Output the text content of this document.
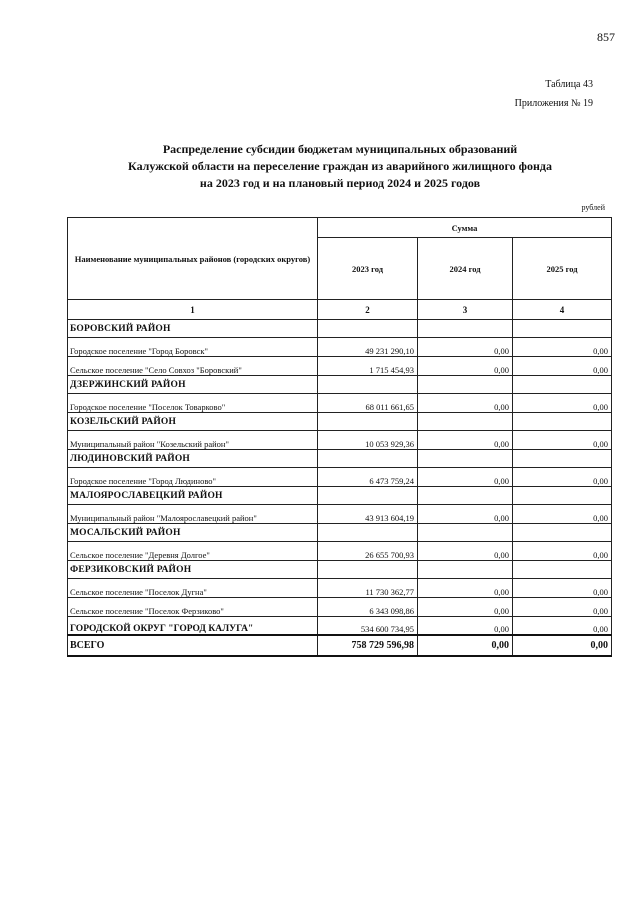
857
Таблица 43
Приложения № 19
Распределение субсидии бюджетам муниципальных образований
Калужской области на переселение граждан из аварийного жилищного фонда
на 2023 год и на плановый период 2024 и 2025 годов
рублей
Наименование муниципальных районов (городских округов)	Сумма		
	2023 год	2024 год	2025 год
1	2	3	4
БОРОВСКИЙ РАЙОН			
Городское поселение "Город Боровск"	49 231 290,10	0,00	0,00
Сельское поселение "Село Совхоз "Боровский"	1 715 454,93	0,00	0,00
ДЗЕРЖИНСКИЙ РАЙОН			
Городское поселение "Поселок Товарково"	68 011 661,65	0,00	0,00
КОЗЕЛЬСКИЙ РАЙОН			
Муниципальный район "Козельский район"	10 053 929,36	0,00	0,00
ЛЮДИНОВСКИЙ РАЙОН			
Городское поселение "Город Людиново"	6 473 759,24	0,00	0,00
МАЛОЯРОСЛАВЕЦКИЙ РАЙОН			
Муниципальный район "Малоярославецкий район"	43 913 604,19	0,00	0,00
МОСАЛЬСКИЙ РАЙОН			
Сельское поселение "Деревня Долгое"	26 655 700,93	0,00	0,00
ФЕРЗИКОВСКИЙ РАЙОН			
Сельское поселение "Поселок Дугна"	11 730 362,77	0,00	0,00
Сельское поселение "Поселок Ферзиково"	6 343 098,86	0,00	0,00
ГОРОДСКОЙ ОКРУГ "ГОРОД КАЛУГА"	534 600 734,95	0,00	0,00
ВСЕГО	758 729 596,98	0,00	0,00
